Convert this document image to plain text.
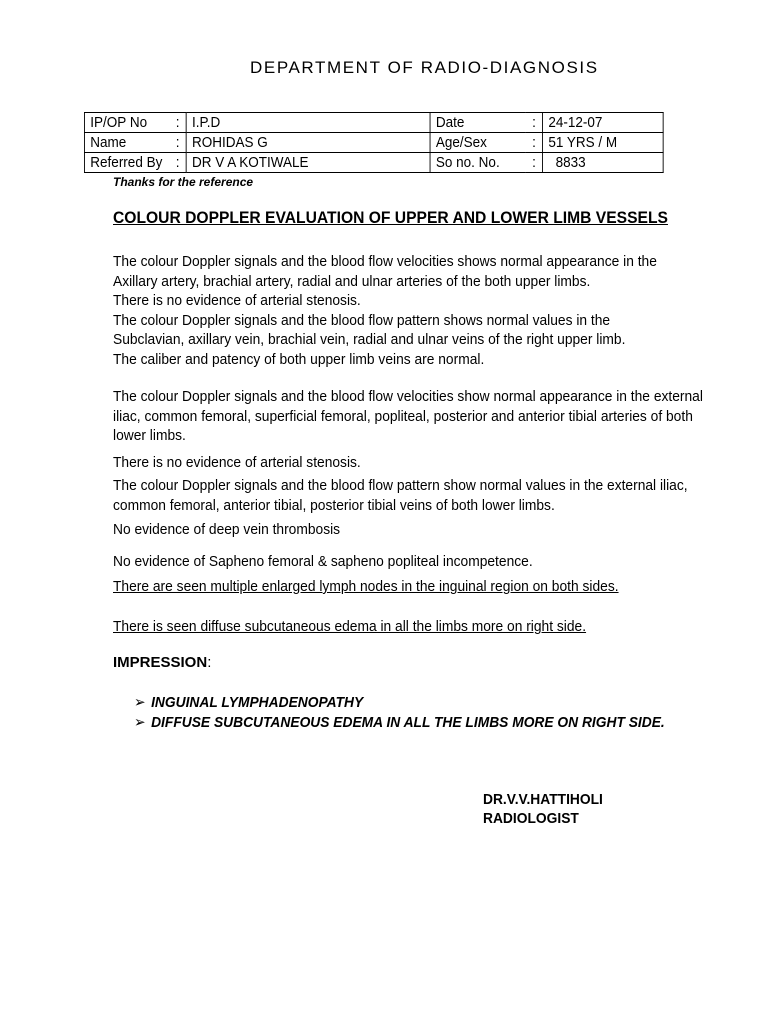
DEPARTMENT OF RADIO-DIAGNOSIS
IP/OP No	:	I.P.D	Date	:	24-12-07
Name	:	ROHIDAS G	Age/Sex	:	51 YRS / M
Referred By	:	DR V A KOTIWALE	So no. No.	:	8833
Thanks for the reference
COLOUR DOPPLER EVALUATION OF UPPER AND LOWER LIMB VESSELS
The colour Doppler signals and the blood flow velocities shows normal appearance in the
Axillary artery, brachial artery, radial and ulnar arteries of the both upper limbs.
There is no evidence of arterial stenosis.
The colour Doppler signals and the blood flow pattern shows normal values in the
Subclavian, axillary vein, brachial vein, radial and ulnar veins of the right upper limb.
The caliber and patency of both upper limb veins are normal.
The colour Doppler signals and the blood flow velocities show normal appearance in the external
iliac, common femoral, superficial femoral, popliteal, posterior and anterior tibial arteries of both
lower limbs.
There is no evidence of arterial stenosis.
The colour Doppler signals and the blood flow pattern show normal values in the external iliac,
common femoral, anterior tibial, posterior tibial veins of both lower limbs.
No evidence of deep vein thrombosis
No evidence of Sapheno femoral & sapheno popliteal incompetence.
There are seen multiple enlarged lymph nodes in the inguinal region on both sides.
There is seen diffuse subcutaneous edema in all the limbs more on right side.
IMPRESSION:
➢ INGUINAL LYMPHADENOPATHY
➢ DIFFUSE SUBCUTANEOUS EDEMA IN ALL THE LIMBS MORE ON RIGHT SIDE.
DR.V.V.HATTIHOLI
RADIOLOGIST
